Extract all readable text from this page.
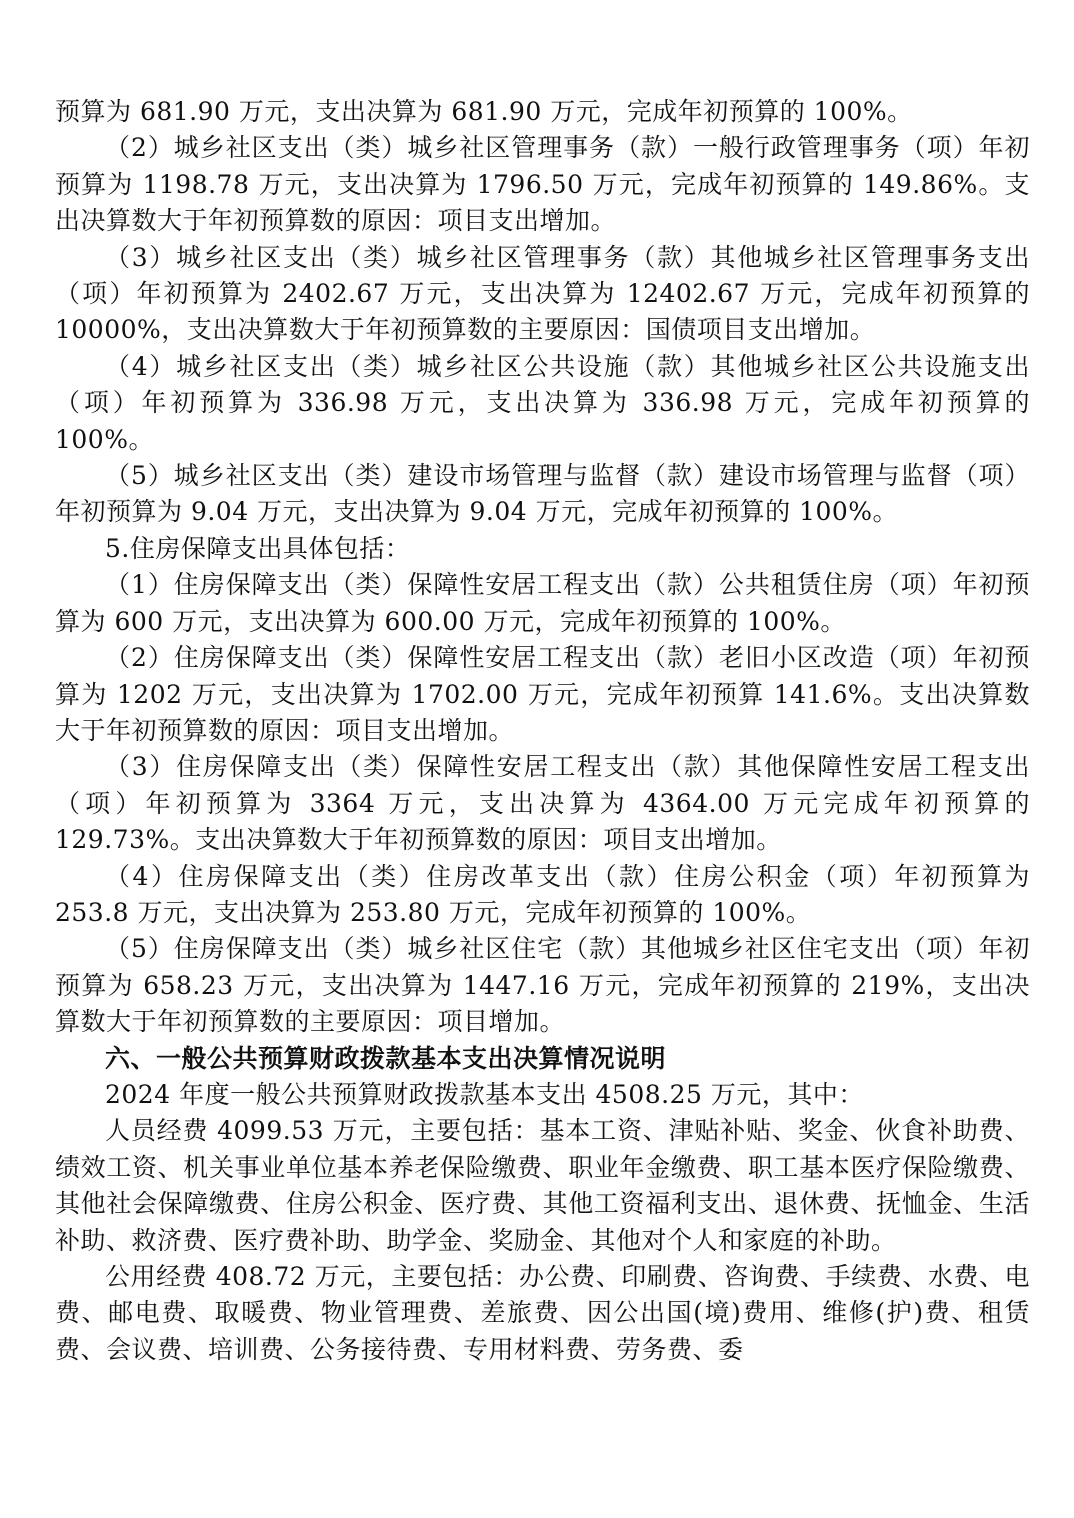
预算为 681.90 万元，支出决算为 681.90 万元，完成年初预算的 100%。

（2）城乡社区支出（类）城乡社区管理事务（款）一般行政管理事务（项）年初预算为 1198.78 万元，支出决算为 1796.50 万元，完成年初预算的 149.86%。支出决算数大于年初预算数的原因：项目支出增加。

（3）城乡社区支出（类）城乡社区管理事务（款）其他城乡社区管理事务支出（项）年初预算为 2402.67 万元，支出决算为 12402.67 万元，完成年初预算的 10000%，支出决算数大于年初预算数的主要原因：国债项目支出增加。

（4）城乡社区支出（类）城乡社区公共设施（款）其他城乡社区公共设施支出（项）年初预算为 336.98 万元，支出决算为 336.98 万元，完成年初预算的 100%。

（5）城乡社区支出（类）建设市场管理与监督（款）建设市场管理与监督（项）年初预算为 9.04 万元，支出决算为 9.04 万元，完成年初预算的 100%。

5.住房保障支出具体包括：

（1）住房保障支出（类）保障性安居工程支出（款）公共租赁住房（项）年初预算为 600 万元，支出决算为 600.00 万元，完成年初预算的 100%。

（2）住房保障支出（类）保障性安居工程支出（款）老旧小区改造（项）年初预算为 1202 万元，支出决算为 1702.00 万元，完成年初预算 141.6%。支出决算数大于年初预算数的原因：项目支出增加。

（3）住房保障支出（类）保障性安居工程支出（款）其他保障性安居工程支出（项）年初预算为 3364 万元，支出决算为 4364.00 万元完成年初预算的 129.73%。支出决算数大于年初预算数的原因：项目支出增加。

（4）住房保障支出（类）住房改革支出（款）住房公积金（项）年初预算为 253.8 万元，支出决算为 253.80 万元，完成年初预算的 100%。

（5）住房保障支出（类）城乡社区住宅（款）其他城乡社区住宅支出（项）年初预算为 658.23 万元，支出决算为 1447.16 万元，完成年初预算的 219%，支出决算数大于年初预算数的主要原因：项目增加。

六、一般公共预算财政拨款基本支出决算情况说明

2024 年度一般公共预算财政拨款基本支出 4508.25 万元，其中：

人员经费 4099.53 万元，主要包括：基本工资、津贴补贴、奖金、伙食补助费、绩效工资、机关事业单位基本养老保险缴费、职业年金缴费、职工基本医疗保险缴费、其他社会保障缴费、住房公积金、医疗费、其他工资福利支出、退休费、抚恤金、生活补助、救济费、医疗费补助、助学金、奖励金、其他对个人和家庭的补助。

公用经费 408.72 万元，主要包括：办公费、印刷费、咨询费、手续费、水费、电费、邮电费、取暖费、物业管理费、差旅费、因公出国(境)费用、维修(护)费、租赁费、会议费、培训费、公务接待费、专用材料费、劳务费、委
